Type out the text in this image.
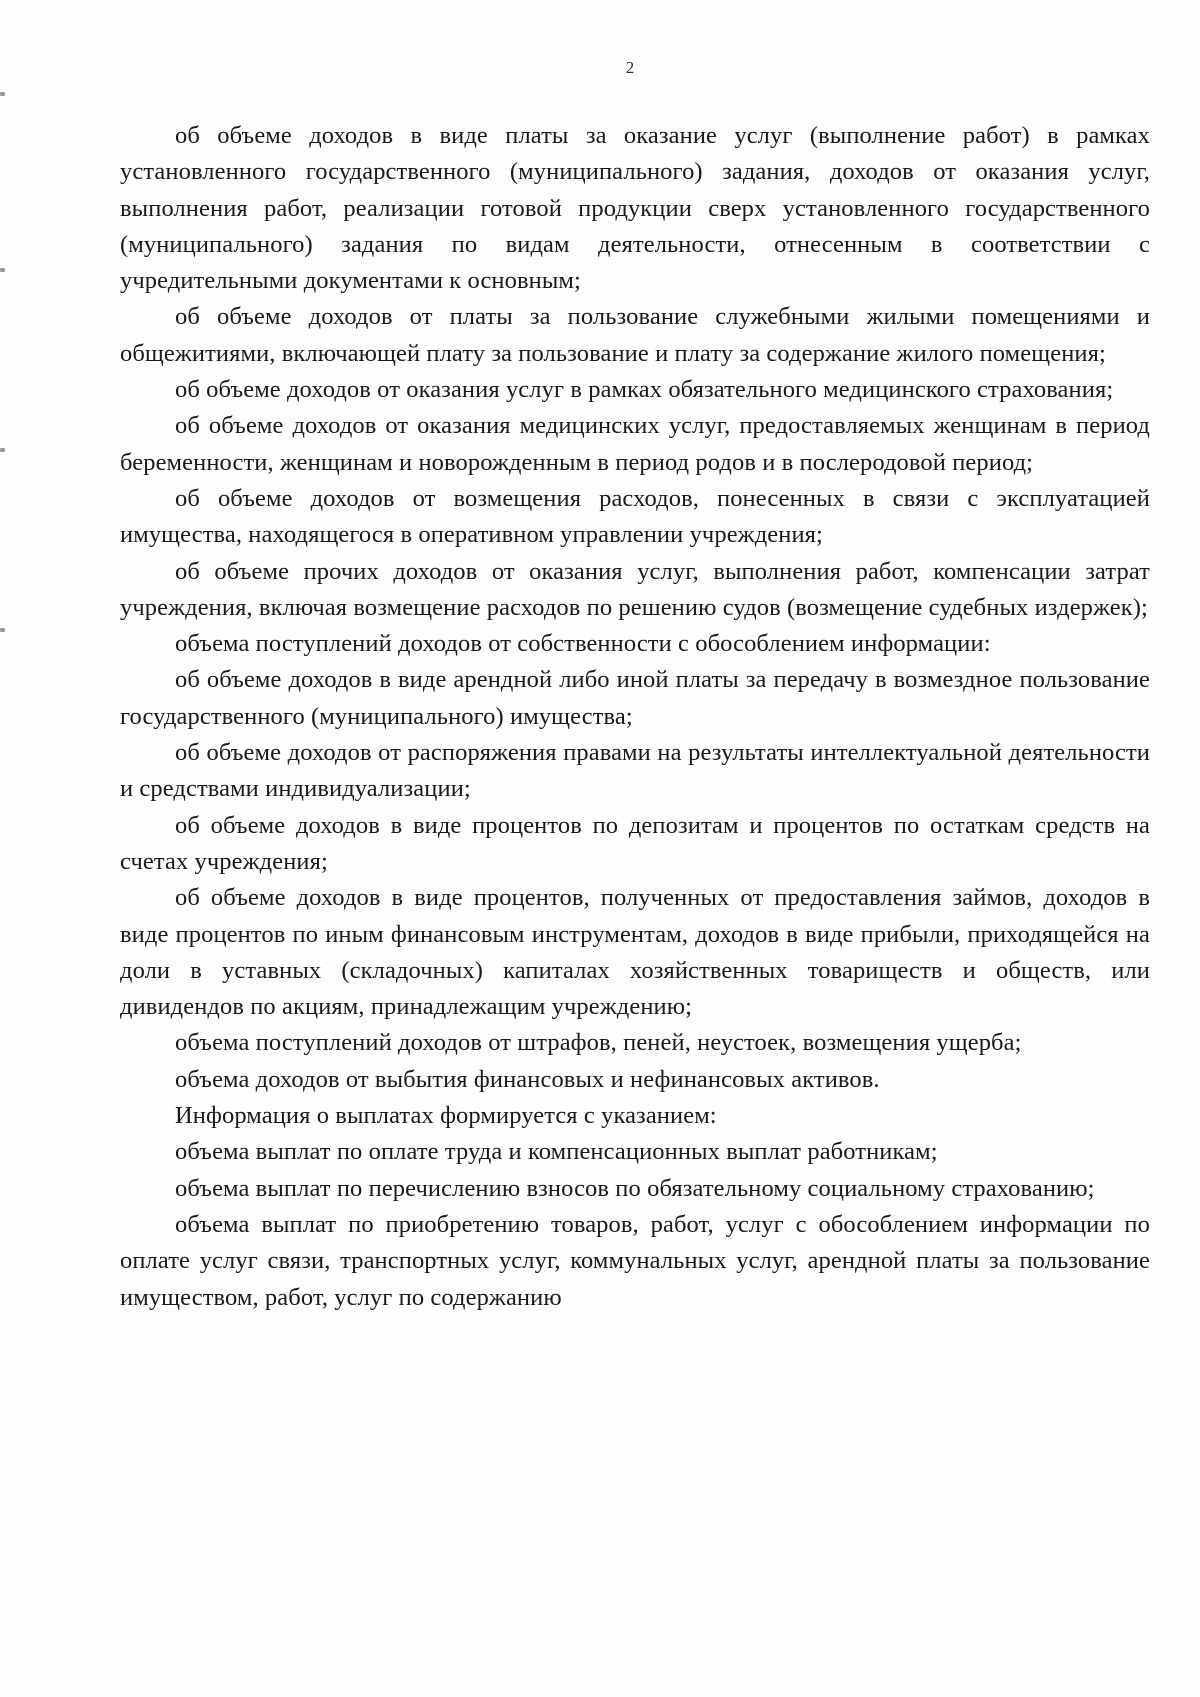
2

об объеме доходов в виде платы за оказание услуг (выполнение работ) в рамках установленного государственного (муниципального) задания, доходов от оказания услуг, выполнения работ, реализации готовой продукции сверх установленного государственного (муниципального) задания по видам деятельности, отнесенным в соответствии с учредительными документами к основным;

об объеме доходов от платы за пользование служебными жилыми помещениями и общежитиями, включающей плату за пользование и плату за содержание жилого помещения;

об объеме доходов от оказания услуг в рамках обязательного медицинского страхования;

об объеме доходов от оказания медицинских услуг, предоставляемых женщинам в период беременности, женщинам и новорожденным в период родов и в послеродовой период;

об объеме доходов от возмещения расходов, понесенных в связи с эксплуатацией имущества, находящегося в оперативном управлении учреждения;

об объеме прочих доходов от оказания услуг, выполнения работ, компенсации затрат учреждения, включая возмещение расходов по решению судов (возмещение судебных издержек);

объема поступлений доходов от собственности с обособлением информации:

об объеме доходов в виде арендной либо иной платы за передачу в возмездное пользование государственного (муниципального) имущества;

об объеме доходов от распоряжения правами на результаты интеллектуальной деятельности и средствами индивидуализации;

об объеме доходов в виде процентов по депозитам и процентов по остаткам средств на счетах учреждения;

об объеме доходов в виде процентов, полученных от предоставления займов, доходов в виде процентов по иным финансовым инструментам, доходов в виде прибыли, приходящейся на доли в уставных (складочных) капиталах хозяйственных товариществ и обществ, или дивидендов по акциям, принадлежащим учреждению;

объема поступлений доходов от штрафов, пеней, неустоек, возмещения ущерба;

объема доходов от выбытия финансовых и нефинансовых активов.

Информация о выплатах формируется с указанием:

объема выплат по оплате труда и компенсационных выплат работникам;

объема выплат по перечислению взносов по обязательному социальному страхованию;

объема выплат по приобретению товаров, работ, услуг с обособлением информации по оплате услуг связи, транспортных услуг, коммунальных услуг, арендной платы за пользование имуществом, работ, услуг по содержанию
